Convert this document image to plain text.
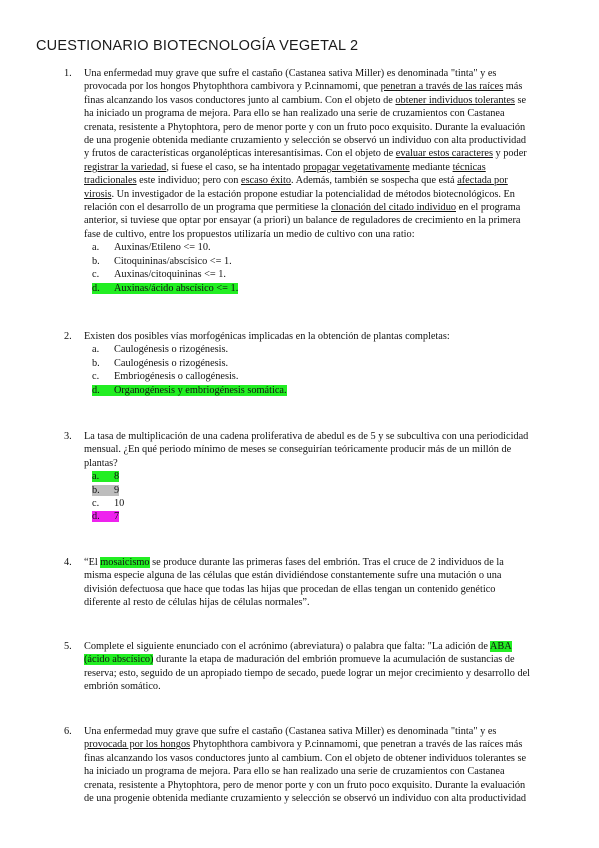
CUESTIONARIO BIOTECNOLOGÍA VEGETAL 2
1.	Una enfermedad muy grave que sufre el castaño (Castanea sativa Miller) es denominada "tinta" y es
provocada por los hongos Phytophthora cambivora y P.cinnamomi, que penetran a través de las raíces más
finas alcanzando los vasos conductores junto al cambium. Con el objeto de obtener individuos tolerantes se
ha iniciado un programa de mejora. Para ello se han realizado una serie de cruzamientos con Castanea
crenata, resistente a Phytophtora, pero de menor porte y con un fruto poco exquisito. Durante la evaluación
de una progenie obtenida mediante cruzamiento y selección se observó un individuo con alta productividad
y frutos de características organolépticas interesantísimas. Con el objeto de evaluar estos caracteres y poder
registrar la variedad, si fuese el caso, se ha intentado propagar vegetativamente mediante técnicas
tradicionales este individuo; pero con escaso éxito. Además, también se sospecha que está afectada por
virosis. Un investigador de la estación propone estudiar la potencialidad de métodos biotecnológicos. En
relación con el desarrollo de un programa que permitiese la clonación del citado individuo en el programa
anterior, si tuviese que optar por ensayar (a priori) un balance de reguladores de crecimiento en la primera
fase de cultivo, entre los propuestos utilizaría un medio de cultivo con una ratio:
a. Auxinas/Etileno <= 10.
b. Citoquininas/abscísico <= 1.
c. Auxinas/citoquininas <= 1.
d. Auxinas/ácido abscísico <= 1.
2.	Existen dos posibles vías morfogénicas implicadas en la obtención de plantas completas:
a. Caulogénesis o rizogénesis.
b. Caulogénesis o rizogénesis.
c. Embriogénesis o callogénesis.
d. Organogénesis y embriogénesis somática.
3.	La tasa de multiplicación de una cadena proliferativa de abedul es de 5 y se subcultiva con una periodicidad
mensual. ¿En qué periodo mínimo de meses se conseguirían teóricamente producir más de un millón de
plantas?
a. 8
b. 9
c. 10
d. 7
4.	“El mosaicismo se produce durante las primeras fases del embrión. Tras el cruce de 2 individuos de la
misma especie alguna de las células que están dividiéndose constantemente sufre una mutación o una
división defectuosa que hace que todas las hijas que procedan de ellas tengan un contenido genético
diferente al resto de células hijas de células normales”.
5.	Complete el siguiente enunciado con el acrónimo (abreviatura) o palabra que falta: "La adición de ABA
(ácido abscísico) durante la etapa de maduración del embrión promueve la acumulación de sustancias de
reserva; esto, seguido de un apropiado tiempo de secado, puede lograr un mejor crecimiento y desarrollo del
embrión somático.
6.	Una enfermedad muy grave que sufre el castaño (Castanea sativa Miller) es denominada "tinta" y es
provocada por los hongos Phytophthora cambivora y P.cinnamomi, que penetran a través de las raíces más
finas alcanzando los vasos conductores junto al cambium. Con el objeto de obtener individuos tolerantes se
ha iniciado un programa de mejora. Para ello se han realizado una serie de cruzamientos con Castanea
crenata, resistente a Phytophtora, pero de menor porte y con un fruto poco exquisito. Durante la evaluación
de una progenie obtenida mediante cruzamiento y selección se observó un individuo con alta productividad
